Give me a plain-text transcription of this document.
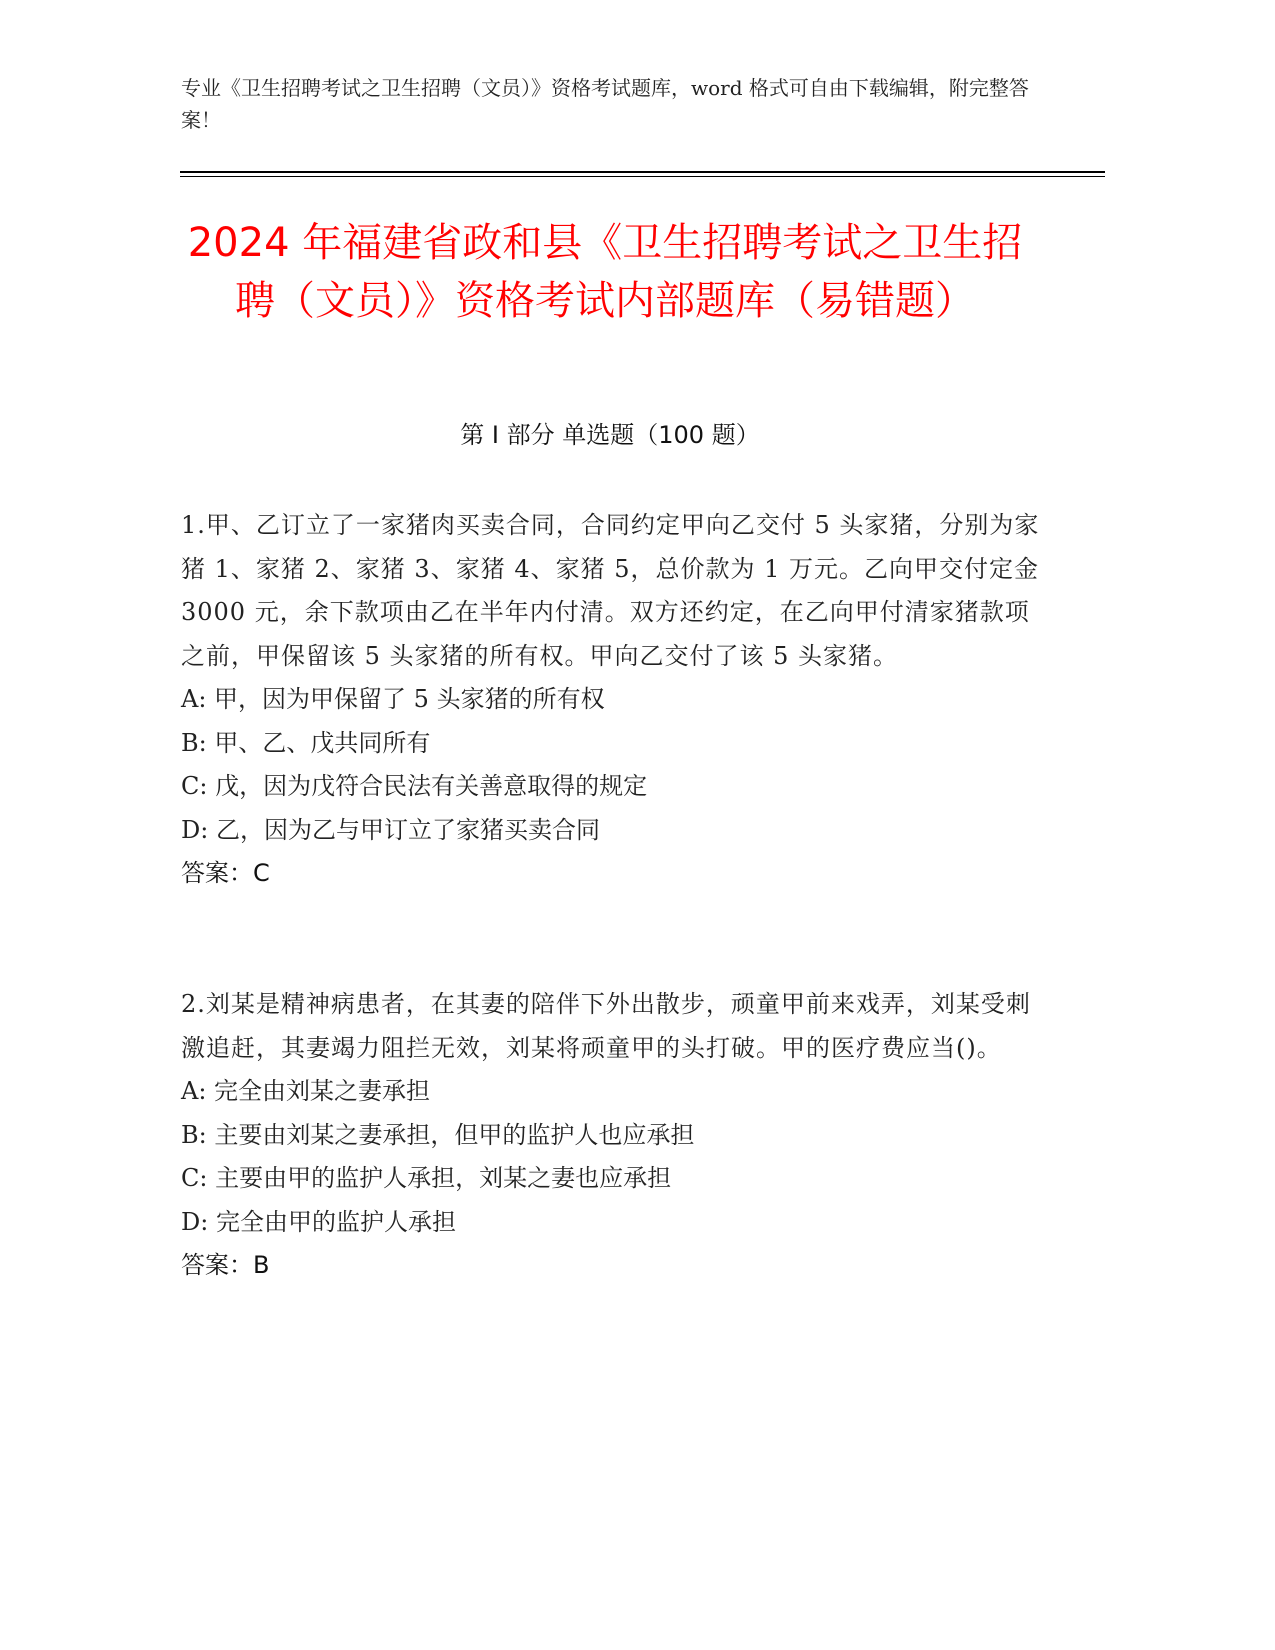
专业《卫生招聘考试之卫生招聘（文员）》资格考试题库，word 格式可自由下载编辑，附完整答案！
2024 年福建省政和县《卫生招聘考试之卫生招聘（文员）》资格考试内部题库（易错题）
第 I 部分 单选题（100 题）
1.甲、乙订立了一家猪肉买卖合同，合同约定甲向乙交付 5 头家猪，分别为家猪 1、家猪 2、家猪 3、家猪 4、家猪 5，总价款为 1 万元。乙向甲交付定金 3000 元，余下款项由乙在半年内付清。双方还约定，在乙向甲付清家猪款项之前，甲保留该 5 头家猪的所有权。甲向乙交付了该 5 头家猪。
A: 甲，因为甲保留了 5 头家猪的所有权
B: 甲、乙、戊共同所有
C: 戊，因为戊符合民法有关善意取得的规定
D: 乙，因为乙与甲订立了家猪买卖合同
答案：C
2.刘某是精神病患者，在其妻的陪伴下外出散步，顽童甲前来戏弄，刘某受刺激追赶，其妻竭力阻拦无效，刘某将顽童甲的头打破。甲的医疗费应当()。
A: 完全由刘某之妻承担
B: 主要由刘某之妻承担，但甲的监护人也应承担
C: 主要由甲的监护人承担，刘某之妻也应承担
D: 完全由甲的监护人承担
答案：B
